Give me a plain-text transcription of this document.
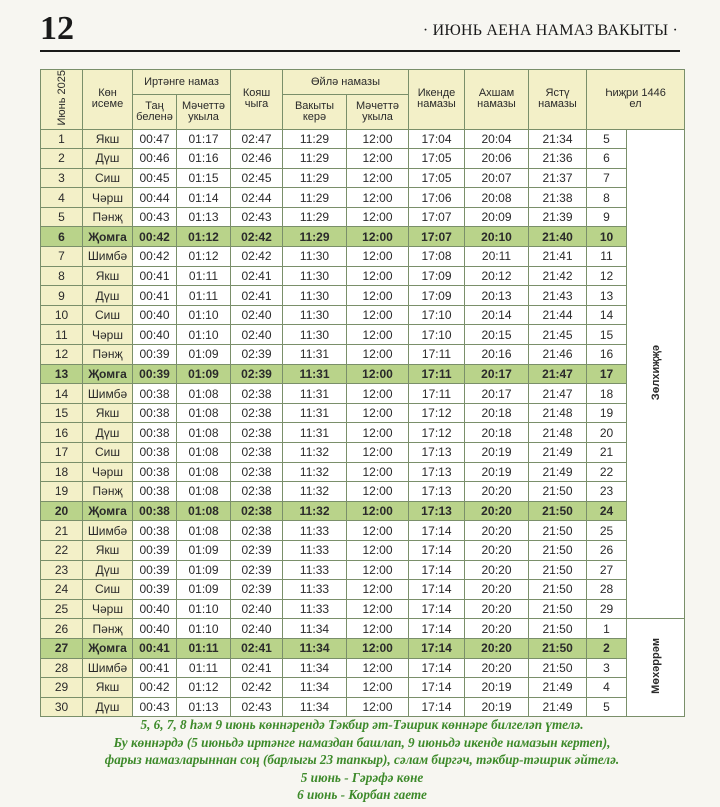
12	· ИЮНЬ АЕНА НАМАЗ ВАКЫТЫ ·
Июнь 2025	Көн исеме	Иртәнге намаз		Кояш чыга	Өйлә намазы		Икенде намазы	Ахшам намазы	Ястү намазы	Һиҗри 1446 ел	
		Таң беленә	Мәчеттә укыла		Вакыты керә	Мәчеттә укыла					
1	Якш	00:47	01:17	02:47	11:29	12:00	17:04	20:04	21:34	5	Зөлхиҗҗә
2	Дүш	00:46	01:16	02:46	11:29	12:00	17:05	20:06	21:36	6	
3	Сиш	00:45	01:15	02:45	11:29	12:00	17:05	20:07	21:37	7	
4	Чәрш	00:44	01:14	02:44	11:29	12:00	17:06	20:08	21:38	8	
5	Пәнҗ	00:43	01:13	02:43	11:29	12:00	17:07	20:09	21:39	9	
6	Җомга	00:42	01:12	02:42	11:29	12:00	17:07	20:10	21:40	10	
7	Шимбә	00:42	01:12	02:42	11:30	12:00	17:08	20:11	21:41	11	
8	Якш	00:41	01:11	02:41	11:30	12:00	17:09	20:12	21:42	12	
9	Дүш	00:41	01:11	02:41	11:30	12:00	17:09	20:13	21:43	13	
10	Сиш	00:40	01:10	02:40	11:30	12:00	17:10	20:14	21:44	14	
11	Чәрш	00:40	01:10	02:40	11:30	12:00	17:10	20:15	21:45	15	
12	Пәнҗ	00:39	01:09	02:39	11:31	12:00	17:11	20:16	21:46	16	
13	Җомга	00:39	01:09	02:39	11:31	12:00	17:11	20:17	21:47	17	
14	Шимбә	00:38	01:08	02:38	11:31	12:00	17:11	20:17	21:47	18	
15	Якш	00:38	01:08	02:38	11:31	12:00	17:12	20:18	21:48	19	
16	Дүш	00:38	01:08	02:38	11:31	12:00	17:12	20:18	21:48	20	
17	Сиш	00:38	01:08	02:38	11:32	12:00	17:13	20:19	21:49	21	
18	Чәрш	00:38	01:08	02:38	11:32	12:00	17:13	20:19	21:49	22	
19	Пәнҗ	00:38	01:08	02:38	11:32	12:00	17:13	20:20	21:50	23	
20	Җомга	00:38	01:08	02:38	11:32	12:00	17:13	20:20	21:50	24	
21	Шимбә	00:38	01:08	02:38	11:33	12:00	17:14	20:20	21:50	25	
22	Якш	00:39	01:09	02:39	11:33	12:00	17:14	20:20	21:50	26	
23	Дүш	00:39	01:09	02:39	11:33	12:00	17:14	20:20	21:50	27	
24	Сиш	00:39	01:09	02:39	11:33	12:00	17:14	20:20	21:50	28	
25	Чәрш	00:40	01:10	02:40	11:33	12:00	17:14	20:20	21:50	29	
26	Пәнҗ	00:40	01:10	02:40	11:34	12:00	17:14	20:20	21:50	1	Мөхәррәм
27	Җомга	00:41	01:11	02:41	11:34	12:00	17:14	20:20	21:50	2	
28	Шимбә	00:41	01:11	02:41	11:34	12:00	17:14	20:20	21:50	3	
29	Якш	00:42	01:12	02:42	11:34	12:00	17:14	20:19	21:49	4	
30	Дүш	00:43	01:13	02:43	11:34	12:00	17:14	20:19	21:49	5	
5, 6, 7, 8 һәм 9 июнь көннәрендә Тәкбир әт-Тәшрик көннәре билгеләп үтелә.
Бу көннәрдә (5 июньдә иртәнге намаздан башлап, 9 июньдә икенде намазын кертеп),
фарыз намазларыннан соң (барлыгы 23 тапкыр), сәлам биргәч, тәкбир-тәшрик әйтелә.
5 июнь - Гәрәфә көне
6 июнь - Корбан гаете
